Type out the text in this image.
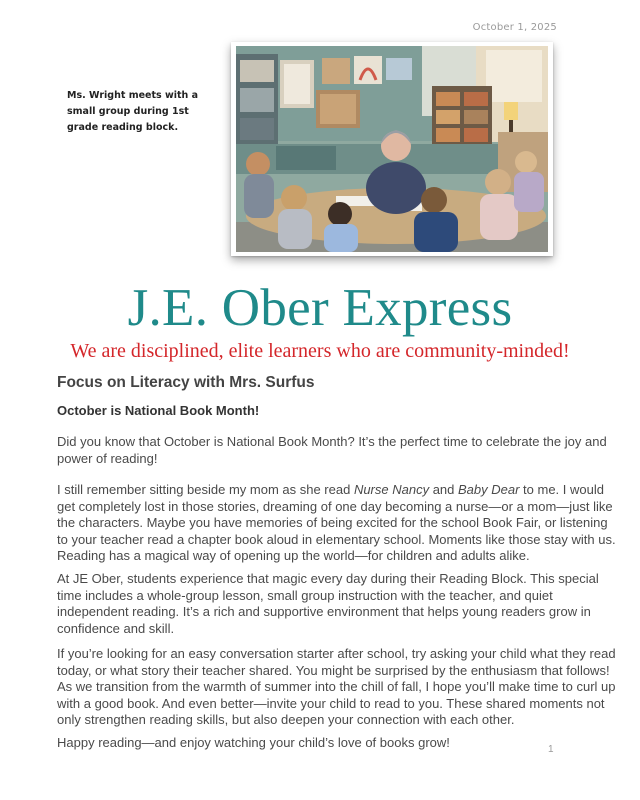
October 1, 2025
Ms. Wright meets with a small group during 1st grade reading block.
J.E. Ober Express
We are disciplined, elite learners who are community-minded!
Focus on Literacy with Mrs. Surfus
October is National Book Month!

Did you know that October is National Book Month? It’s the perfect time to celebrate the joy and power of reading!

I still remember sitting beside my mom as she read Nurse Nancy and Baby Dear to me. I would get completely lost in those stories, dreaming of one day becoming a nurse—or a mom—just like the characters. Maybe you have memories of being excited for the school Book Fair, or listening to your teacher read a chapter book aloud in elementary school. Moments like those stay with us. Reading has a magical way of opening up the world—for children and adults alike.

At JE Ober, students experience that magic every day during their Reading Block. This special time includes a whole-group lesson, small group instruction with the teacher, and quiet independent reading. It’s a rich and supportive environment that helps young readers grow in confidence and skill.

If you’re looking for an easy conversation starter after school, try asking your child what they read today, or what story their teacher shared. You might be surprised by the enthusiasm that follows! As we transition from the warmth of summer into the chill of fall, I hope you’ll make time to curl up with a good book. And even better—invite your child to read to you. These shared moments not only strengthen reading skills, but also deepen your connection with each other.

Happy reading—and enjoy watching your child’s love of books grow!	1
